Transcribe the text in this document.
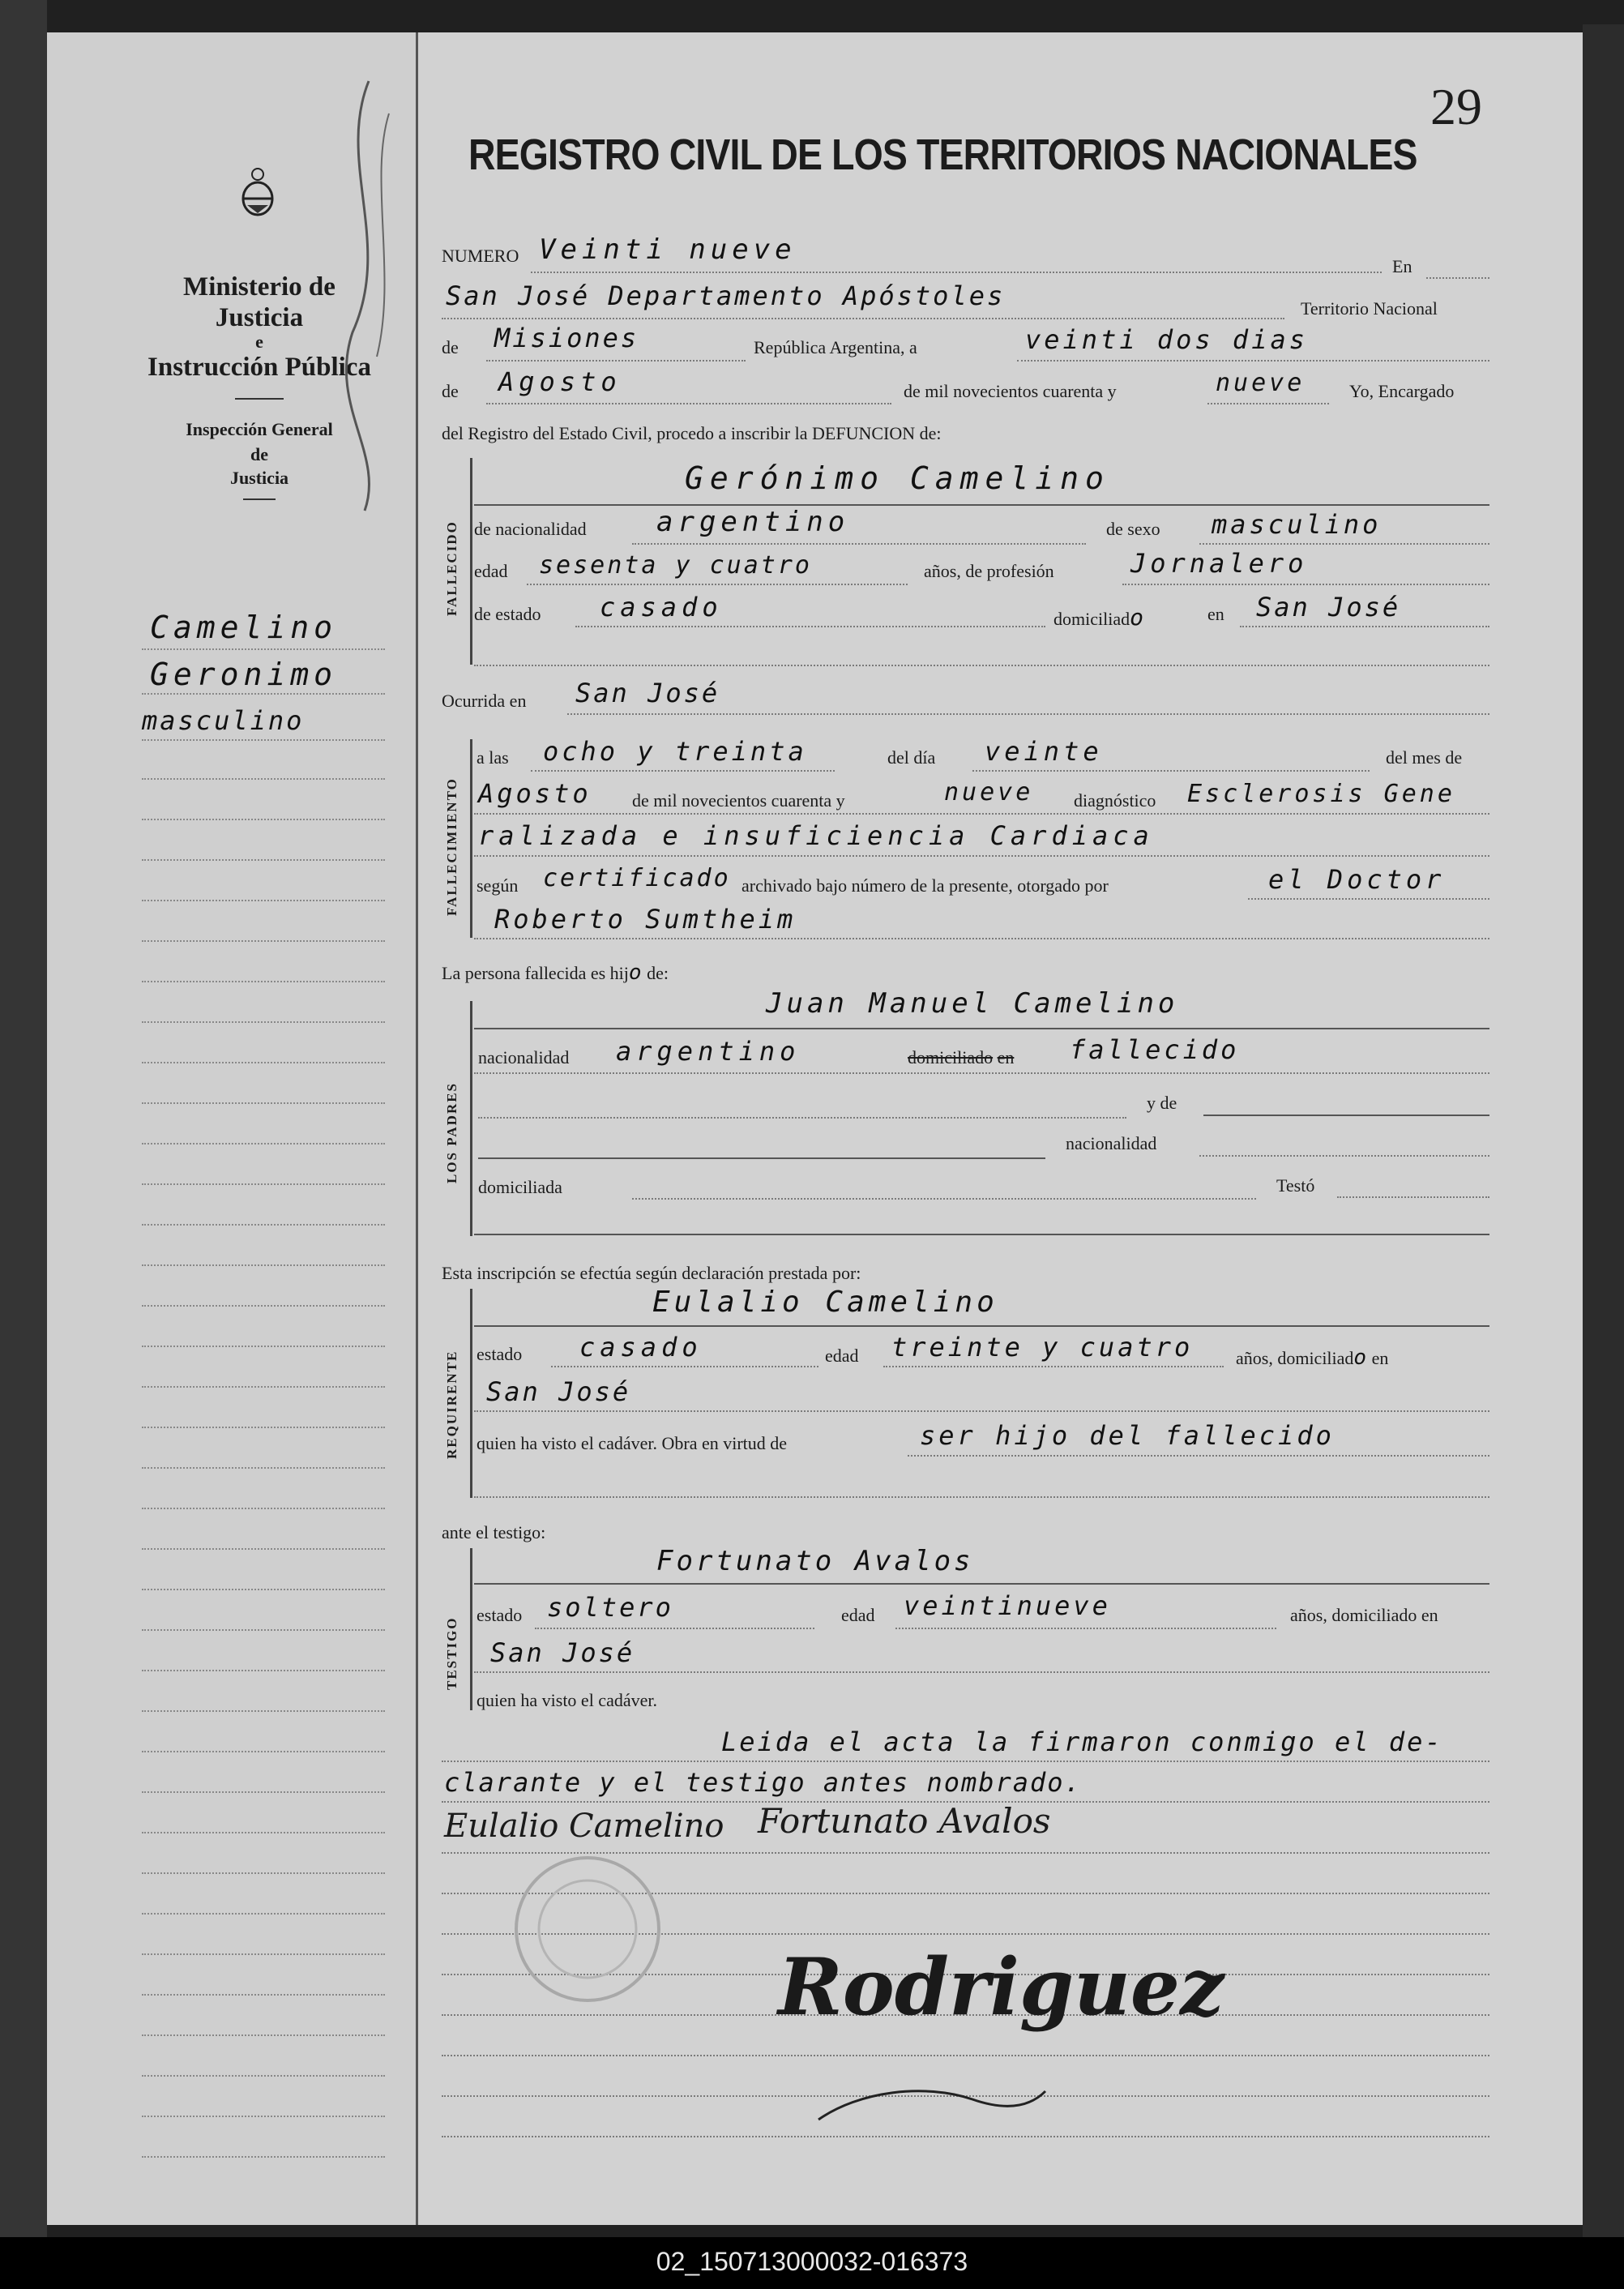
Ministerio de Justicia
e
Instrucción Pública
Inspección General
de
Justicia
Camelino
Geronimo
masculino
29
REGISTRO CIVIL DE LOS TERRITORIOS NACIONALES
NUMERO Veinti nueve
En
San José Departamento Apóstoles	Territorio Nacional
de Misiones	República Argentina, a	veinti dos dias
de Agosto	de mil novecientos cuarenta y	nueve Yo, Encargado
del Registro del Estado Civil, procedo a inscribir la DEFUNCION de:
FALLECIDO
Gerónimo Camelino
de nacionalidad	argentino	de sexo masculino
edad sesenta y cuatro	años, de profesión	Jornalero
de estado casado	domiciliado	en San José
Ocurrida en San José
FALLECIMIENTO
a las ocho y treinta	del día veinte	del mes de
Agosto de mil novecientos cuarenta y	nueve diagnóstico Esclerosis Gene
ralizada e insuficiencia Cardiaca
según certificado archivado bajo número de la presente, otorgado por	el Doctor
Roberto Sumtheim
La persona fallecida es hijo de:
LOS PADRES
Juan Manuel Camelino
nacionalidad argentino	domiciliado en fallecido
y de
nacionalidad
domiciliada	Testó
Esta inscripción se efectúa según declaración prestada por:
REQUIRENTE
Eulalio Camelino
estado casado	edad treinte y cuatro años, domiciliado en
San José
quien ha visto el cadáver. Obra en virtud de	ser hijo del fallecido
ante el testigo:
TESTIGO
Fortunato Avalos
estado soltero	edad veintinueve	años, domiciliado en
San José
quien ha visto el cadáver.
Leida el acta la firmaron conmigo el de-
clarante y el testigo antes nombrado.
Eulalio Camelino Fortunato Avalos
Rodriguez
02_150713000032-016373
